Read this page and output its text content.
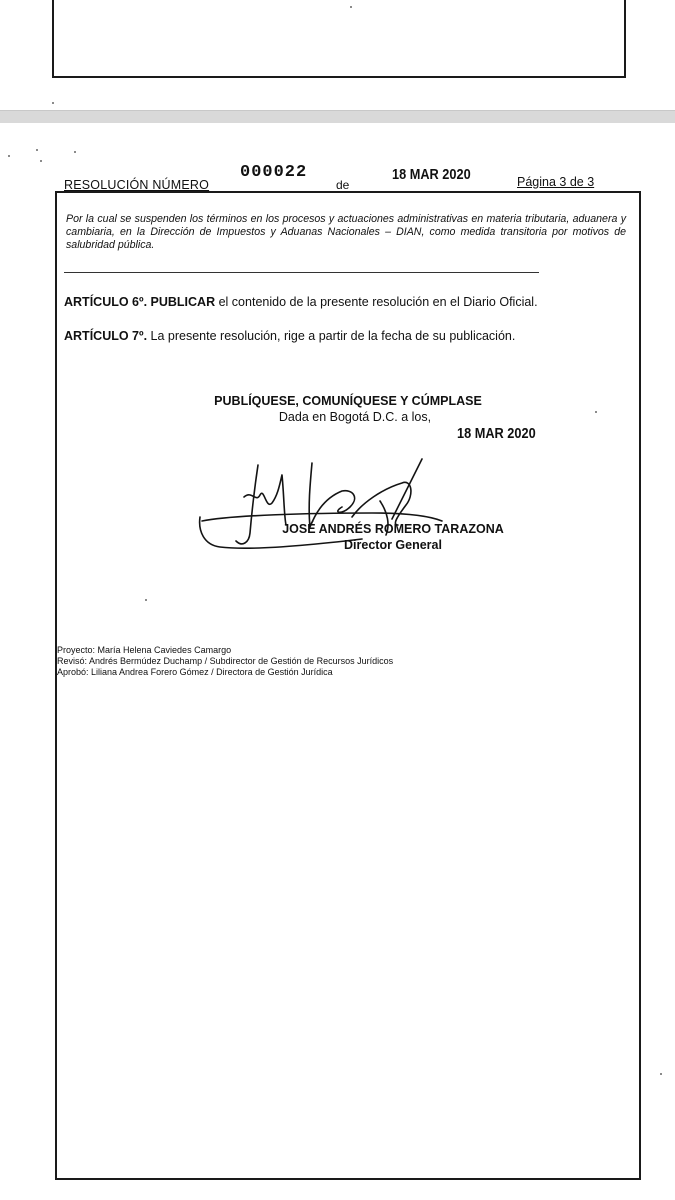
RESOLUCIÓN NÚMERO
000022
de
18 MAR 2020	Página 3 de 3

Por la cual se suspenden los términos en los procesos y actuaciones administrativas en materia tributaria, aduanera y cambiaria, en la Dirección de Impuestos y Aduanas Nacionales – DIAN, como medida transitoria por motivos de salubridad pública.

ARTÍCULO 6º. PUBLICAR el contenido de la presente resolución en el Diario Oficial.

ARTÍCULO 7º. La presente resolución, rige a partir de la fecha de su publicación.

PUBLÍQUESE, COMUNÍQUESE Y CÚMPLASE

Dada en Bogotá D.C. a los,

18 MAR 2020

JOSÉ ANDRÉS ROMERO TARAZONA

Director General

Proyecto: María Helena Caviedes Camargo
Revisó: Andrés Bermúdez Duchamp / Subdirector de Gestión de Recursos Jurídicos
Aprobó: Liliana Andrea Forero Gómez / Directora de Gestión Jurídica
